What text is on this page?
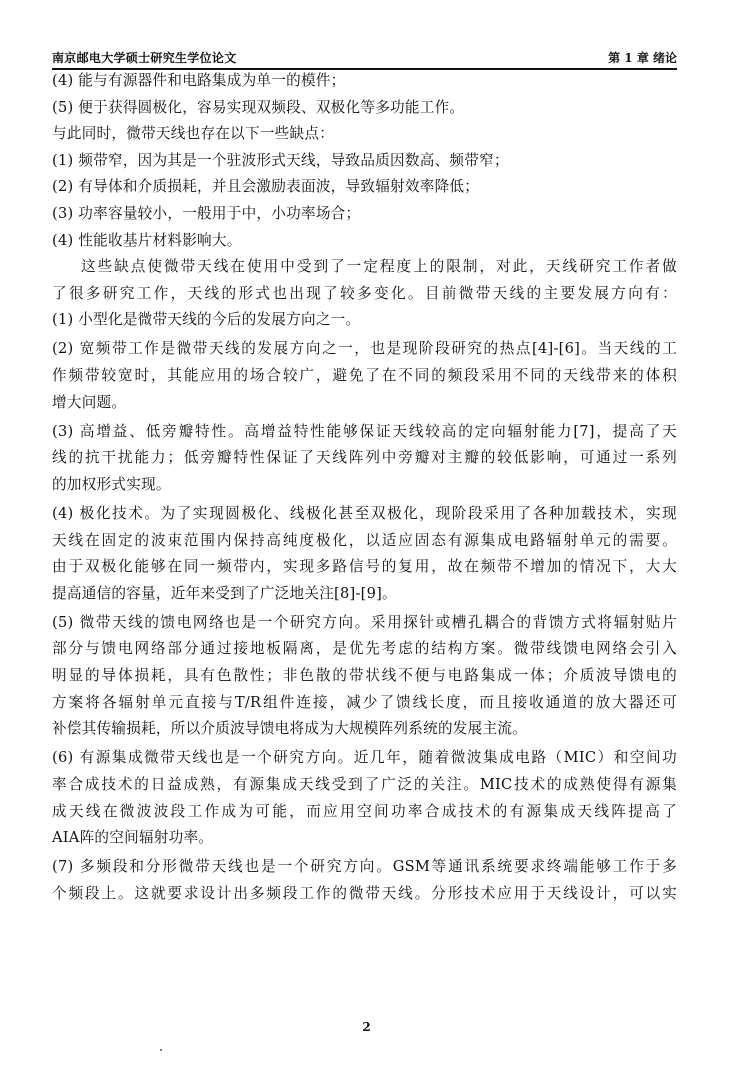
南京邮电大学硕士研究生学位论文	第 1 章 绪论
(4) 能与有源器件和电路集成为单一的模件；
(5) 便于获得圆极化，容易实现双频段、双极化等多功能工作。
与此同时，微带天线也存在以下一些缺点：
(1) 频带窄，因为其是一个驻波形式天线，导致品质因数高、频带窄；
(2) 有导体和介质损耗，并且会激励表面波，导致辐射效率降低；
(3) 功率容量较小，一般用于中，小功率场合；
(4) 性能收基片材料影响大。
这些缺点使微带天线在使用中受到了一定程度上的限制，对此，天线研究工作者做
了很多研究工作，天线的形式也出现了较多变化。目前微带天线的主要发展方向有：
(1) 小型化是微带天线的今后的发展方向之一。
(2) 宽频带工作是微带天线的发展方向之一，也是现阶段研究的热点[4]-[6]。当天线的工
作频带较宽时，其能应用的场合较广，避免了在不同的频段采用不同的天线带来的体积
增大问题。
(3) 高增益、低旁瓣特性。高增益特性能够保证天线较高的定向辐射能力[7]，提高了天
线的抗干扰能力；低旁瓣特性保证了天线阵列中旁瓣对主瓣的较低影响，可通过一系列
的加权形式实现。
(4) 极化技术。为了实现圆极化、线极化甚至双极化，现阶段采用了各种加载技术，实现
天线在固定的波束范围内保持高纯度极化，以适应固态有源集成电路辐射单元的需要。
由于双极化能够在同一频带内，实现多路信号的复用，故在频带不增加的情况下，大大
提高通信的容量，近年来受到了广泛地关注[8]-[9]。
(5) 微带天线的馈电网络也是一个研究方向。采用探针或槽孔耦合的背馈方式将辐射贴片
部分与馈电网络部分通过接地板隔离，是优先考虑的结构方案。微带线馈电网络会引入
明显的导体损耗，具有色散性；非色散的带状线不便与电路集成一体；介质波导馈电的
方案将各辐射单元直接与T/R组件连接，减少了馈线长度，而且接收通道的放大器还可
补偿其传输损耗，所以介质波导馈电将成为大规模阵列系统的发展主流。
(6) 有源集成微带天线也是一个研究方向。近几年，随着微波集成电路（MIC）和空间功
率合成技术的日益成熟，有源集成天线受到了广泛的关注。MIC技术的成熟使得有源集
成天线在微波波段工作成为可能，而应用空间功率合成技术的有源集成天线阵提高了
AIA阵的空间辐射功率。
(7) 多频段和分形微带天线也是一个研究方向。GSM等通讯系统要求终端能够工作于多
个频段上。这就要求设计出多频段工作的微带天线。分形技术应用于天线设计，可以实
2
